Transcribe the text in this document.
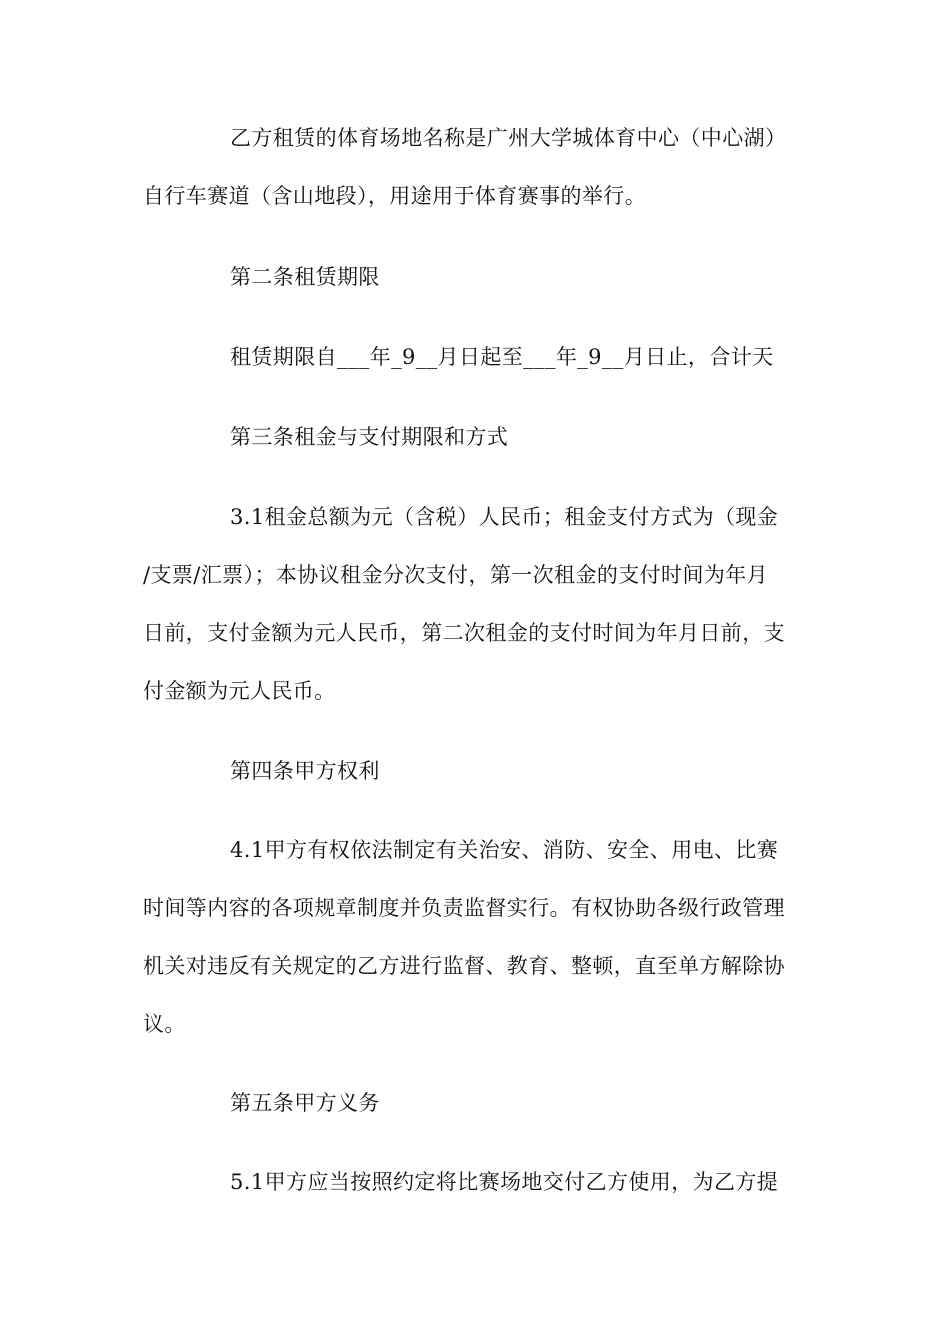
乙方租赁的体育场地名称是广州大学城体育中心（中心湖）
自行车赛道（含山地段），用途用于体育赛事的举行。
第二条租赁期限
租赁期限自___年_9__月日起至___年_9__月日止，合计天
第三条租金与支付期限和方式
3.1租金总额为元（含税）人民币；租金支付方式为（现金
/支票/汇票）；本协议租金分次支付，第一次租金的支付时间为年月
日前，支付金额为元人民币，第二次租金的支付时间为年月日前，支
付金额为元人民币。
第四条甲方权利
4.1甲方有权依法制定有关治安、消防、安全、用电、比赛
时间等内容的各项规章制度并负责监督实行。有权协助各级行政管理
机关对违反有关规定的乙方进行监督、教育、整顿，直至单方解除协
议。
第五条甲方义务
5.1甲方应当按照约定将比赛场地交付乙方使用，为乙方提
